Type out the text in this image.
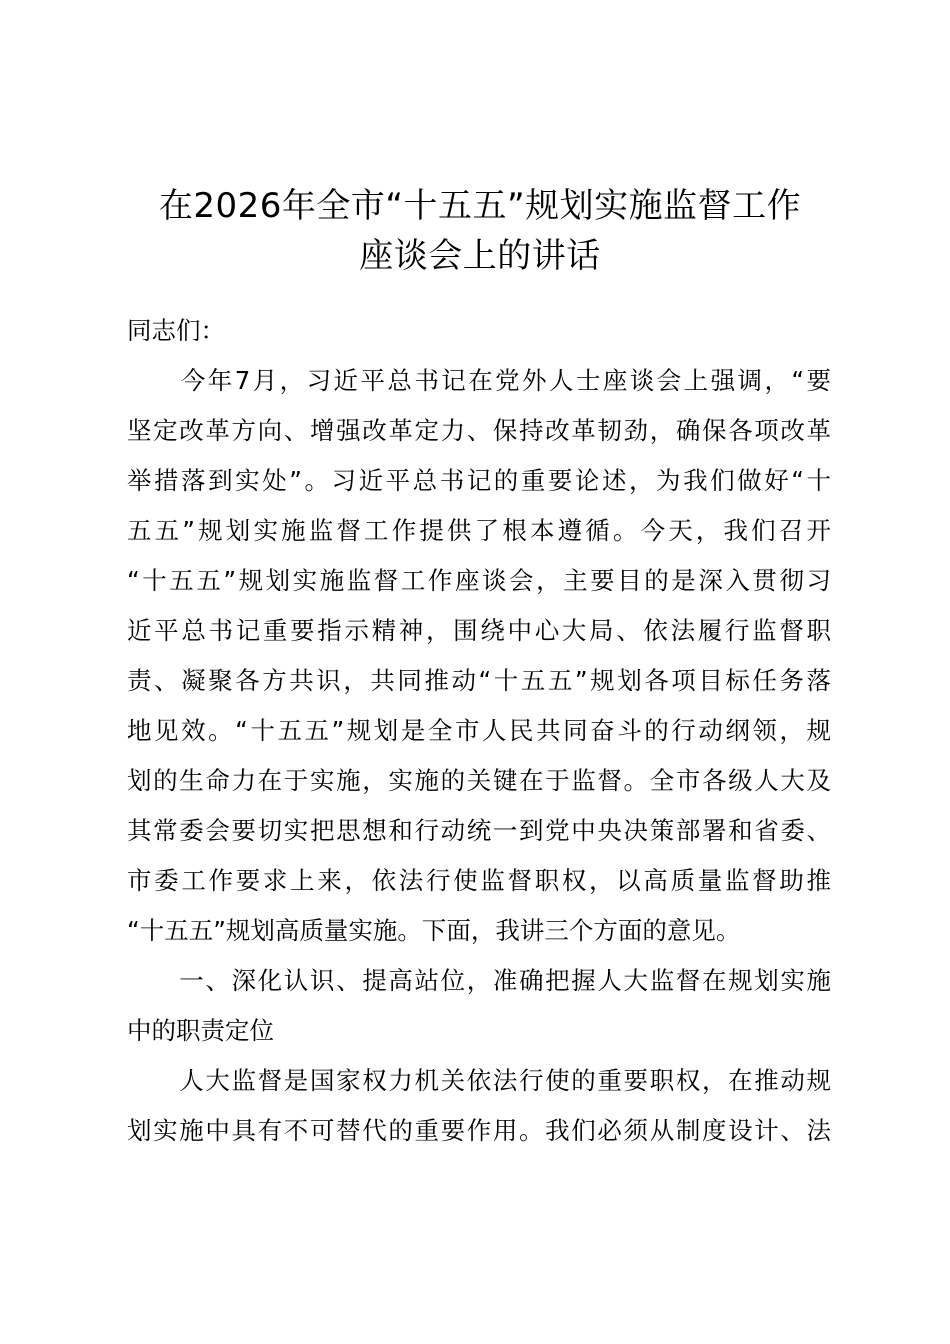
在2026年全市“十五五”规划实施监督工作
座谈会上的讲话
同志们：
　　今年7月，习近平总书记在党外人士座谈会上强调，“要
坚定改革方向、增强改革定力、保持改革韧劲，确保各项改革
举措落到实处”。习近平总书记的重要论述，为我们做好“十
五五”规划实施监督工作提供了根本遵循。今天，我们召开
“十五五”规划实施监督工作座谈会，主要目的是深入贯彻习
近平总书记重要指示精神，围绕中心大局、依法履行监督职
责、凝聚各方共识，共同推动“十五五”规划各项目标任务落
地见效。“十五五”规划是全市人民共同奋斗的行动纲领，规
划的生命力在于实施，实施的关键在于监督。全市各级人大及
其常委会要切实把思想和行动统一到党中央决策部署和省委、
市委工作要求上来，依法行使监督职权，以高质量监督助推
“十五五”规划高质量实施。下面，我讲三个方面的意见。
　　一、深化认识、提高站位，准确把握人大监督在规划实施
中的职责定位
　　人大监督是国家权力机关依法行使的重要职权，在推动规
划实施中具有不可替代的重要作用。我们必须从制度设计、法
